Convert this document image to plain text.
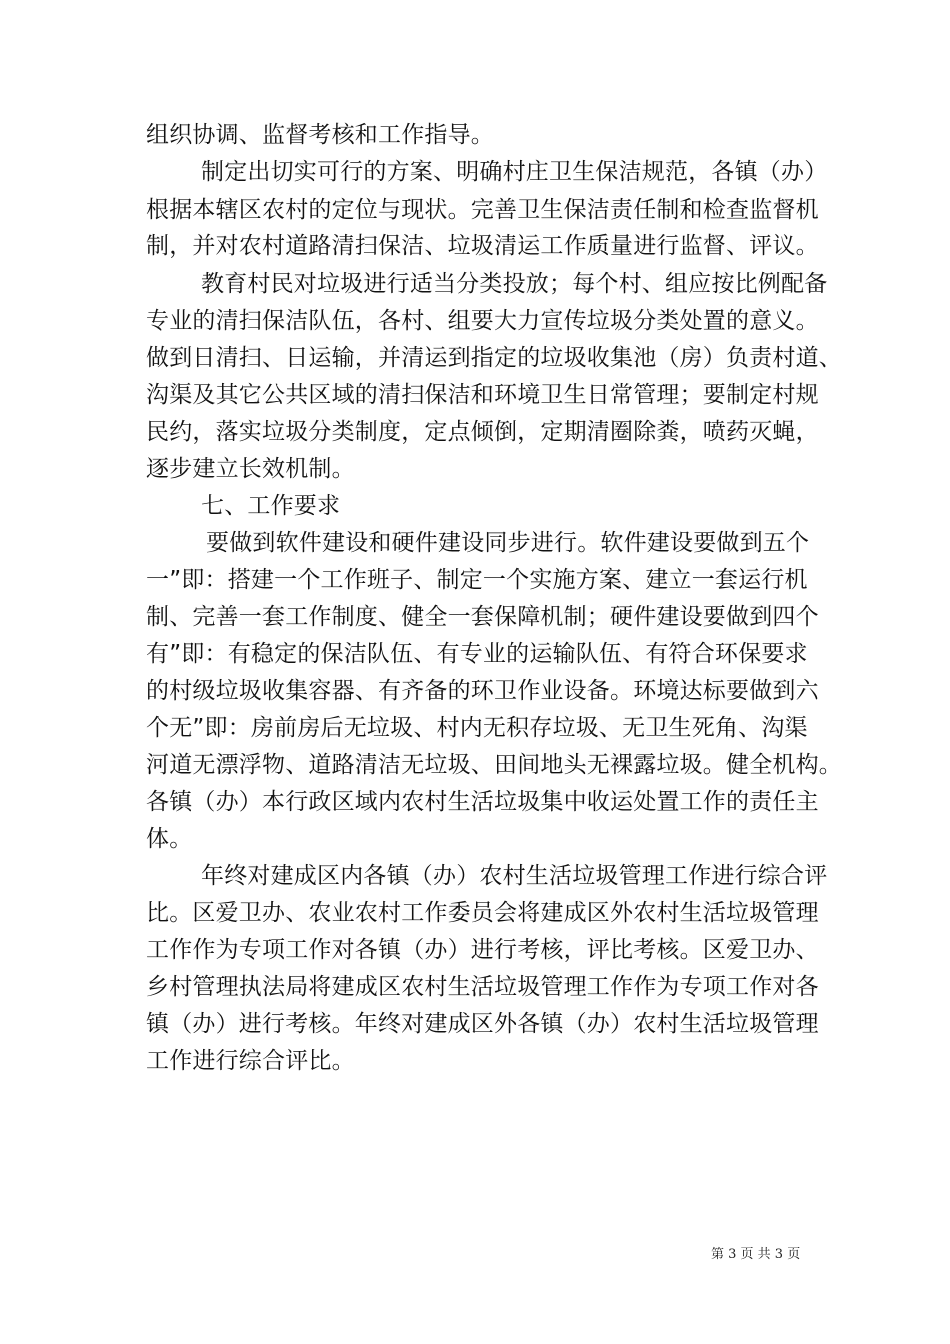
组织协调、监督考核和工作指导。

制定出切实可行的方案、明确村庄卫生保洁规范，各镇（办）

根据本辖区农村的定位与现状。完善卫生保洁责任制和检查监督机

制，并对农村道路清扫保洁、垃圾清运工作质量进行监督、评议。

教育村民对垃圾进行适当分类投放；每个村、组应按比例配备

专业的清扫保洁队伍，各村、组要大力宣传垃圾分类处置的意义。

做到日清扫、日运输，并清运到指定的垃圾收集池（房）负责村道、

沟渠及其它公共区域的清扫保洁和环境卫生日常管理；要制定村规

民约，落实垃圾分类制度，定点倾倒，定期清圈除粪，喷药灭蝇，

逐步建立长效机制。

七、工作要求

要做到软件建设和硬件建设同步进行。软件建设要做到五个

一”即：搭建一个工作班子、制定一个实施方案、建立一套运行机

制、完善一套工作制度、健全一套保障机制；硬件建设要做到四个

有”即：有稳定的保洁队伍、有专业的运输队伍、有符合环保要求

的村级垃圾收集容器、有齐备的环卫作业设备。环境达标要做到六

个无”即：房前房后无垃圾、村内无积存垃圾、无卫生死角、沟渠

河道无漂浮物、道路清洁无垃圾、田间地头无裸露垃圾。健全机构。

各镇（办）本行政区域内农村生活垃圾集中收运处置工作的责任主

体。

年终对建成区内各镇（办）农村生活垃圾管理工作进行综合评

比。区爱卫办、农业农村工作委员会将建成区外农村生活垃圾管理

工作作为专项工作对各镇（办）进行考核，评比考核。区爱卫办、

乡村管理执法局将建成区农村生活垃圾管理工作作为专项工作对各

镇（办）进行考核。年终对建成区外各镇（办）农村生活垃圾管理

工作进行综合评比。

第 3 页 共 3 页
